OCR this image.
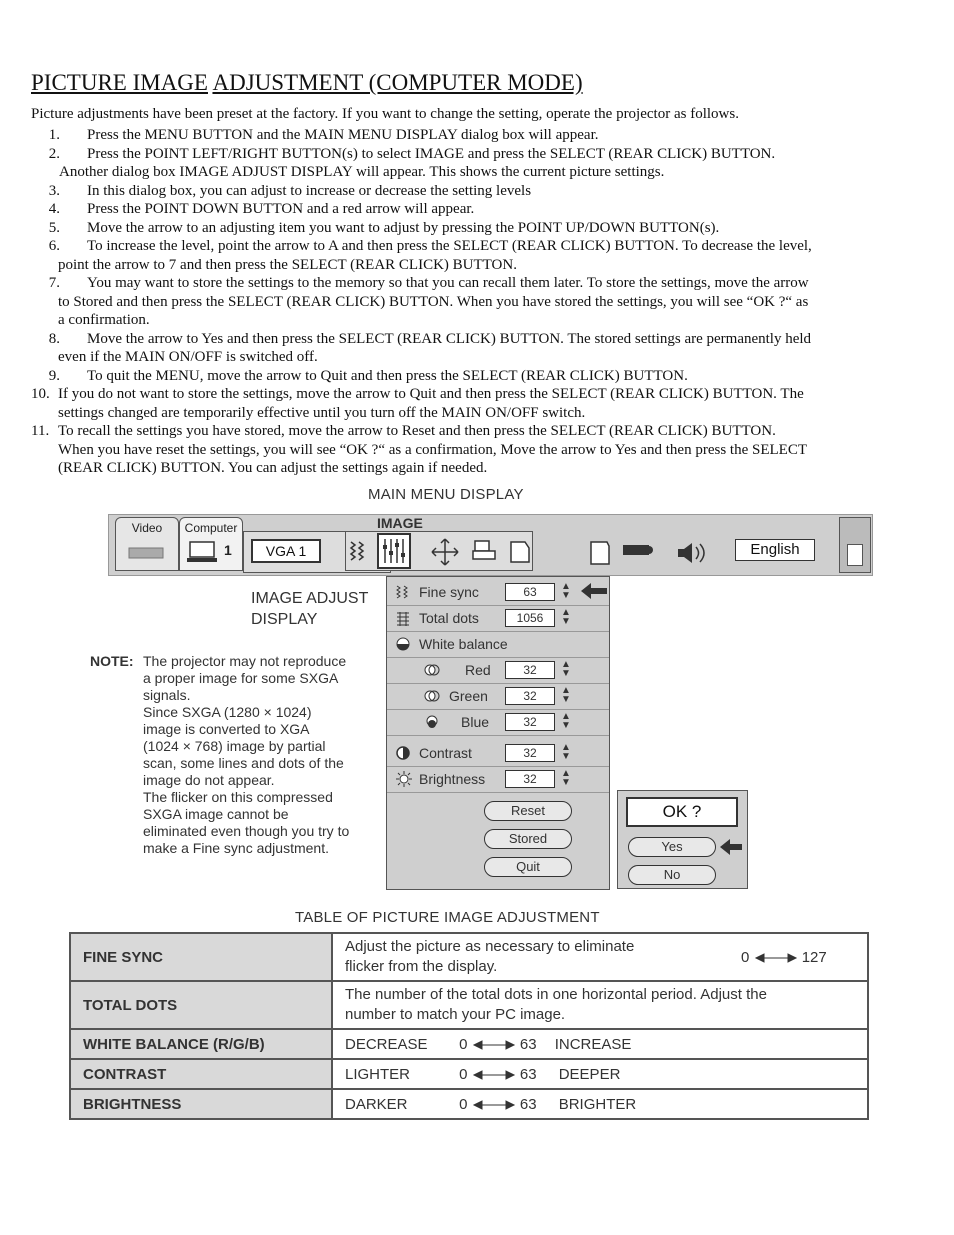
PICTURE IMAGE ADJUSTMENT (COMPUTER MODE)
Picture adjustments have been preset at the factory. If you want to change the setting, operate the projector as follows.
1. Press the MENU BUTTON and the MAIN MENU DISPLAY dialog box will appear.
2. Press the POINT LEFT/RIGHT BUTTON(s) to select IMAGE and press the SELECT (REAR CLICK) BUTTON.
Another dialog box IMAGE ADJUST DISPLAY will appear. This shows the current picture settings.
3. In this dialog box, you can adjust to increase or decrease the setting levels
4. Press the POINT DOWN BUTTON and a red arrow will appear.
5. Move the arrow to an adjusting item you want to adjust by pressing the POINT UP/DOWN BUTTON(s).
6. To increase the level, point the arrow to A and then press the SELECT (REAR CLICK) BUTTON. To decrease the level,
point the arrow to 7 and then press the SELECT (REAR CLICK) BUTTON.
7. You may want to store the settings to the memory so that you can recall them later. To store the settings, move the arrow
to Stored and then press the SELECT (REAR CLICK) BUTTON. When you have stored the settings, you will see “OK ?“ as
a confirmation.
8. Move the arrow to Yes and then press the SELECT (REAR CLICK) BUTTON. The stored settings are permanently held
even if the MAIN ON/OFF is switched off.
9. To quit the MENU, move the arrow to Quit and then press the SELECT (REAR CLICK) BUTTON.
10. If you do not want to store the settings, move the arrow to Quit and then press the SELECT (REAR CLICK) BUTTON. The
settings changed are temporarily effective until you turn off the MAIN ON/OFF switch.
11. To recall the settings you have stored, move the arrow to Reset and then press the SELECT (REAR CLICK) BUTTON.
When you have reset the settings, you will see “OK ?“ as a confirmation, Move the arrow to Yes and then press the SELECT
(REAR CLICK) BUTTON. You can adjust the settings again if needed.
MAIN MENU DISPLAY
Video	Computer
1	VGA 1
IMAGE
English
IMAGE ADJUST
DISPLAY
NOTE: The projector may not reproduce
a proper image for some SXGA
signals.
Since SXGA (1280 × 1024)
image is converted to XGA
(1024 × 768) image by partial
scan, some lines and dots of the
image do not appear.
The flicker on this compressed
SXGA image cannot be
eliminated even though you try to
make a Fine sync adjustment.
Fine sync	63	▲
▼
Total dots	1056	▲
▼
White balance
Red	32	▲
▼
Green	32	▲
▼
Blue	32	▲
▼
Contrast	32	▲
▼
Brightness	32	▲
▼
Reset
Stored
Quit
OK ?
Yes
No
TABLE OF PICTURE IMAGE ADJUSTMENT
FINE SYNC	Adjust the picture as necessary to eliminate
flicker from the display.
0 127

TOTAL DOTS	The number of the total dots in one horizontal period. Adjust the
number to match your PC image.

WHITE BALANCE (R/G/B)	DECREASE 0 63 INCREASE
CONTRAST	LIGHTER 0 63 DEEPER
BRIGHTNESS	DARKER 0 63 BRIGHTER
